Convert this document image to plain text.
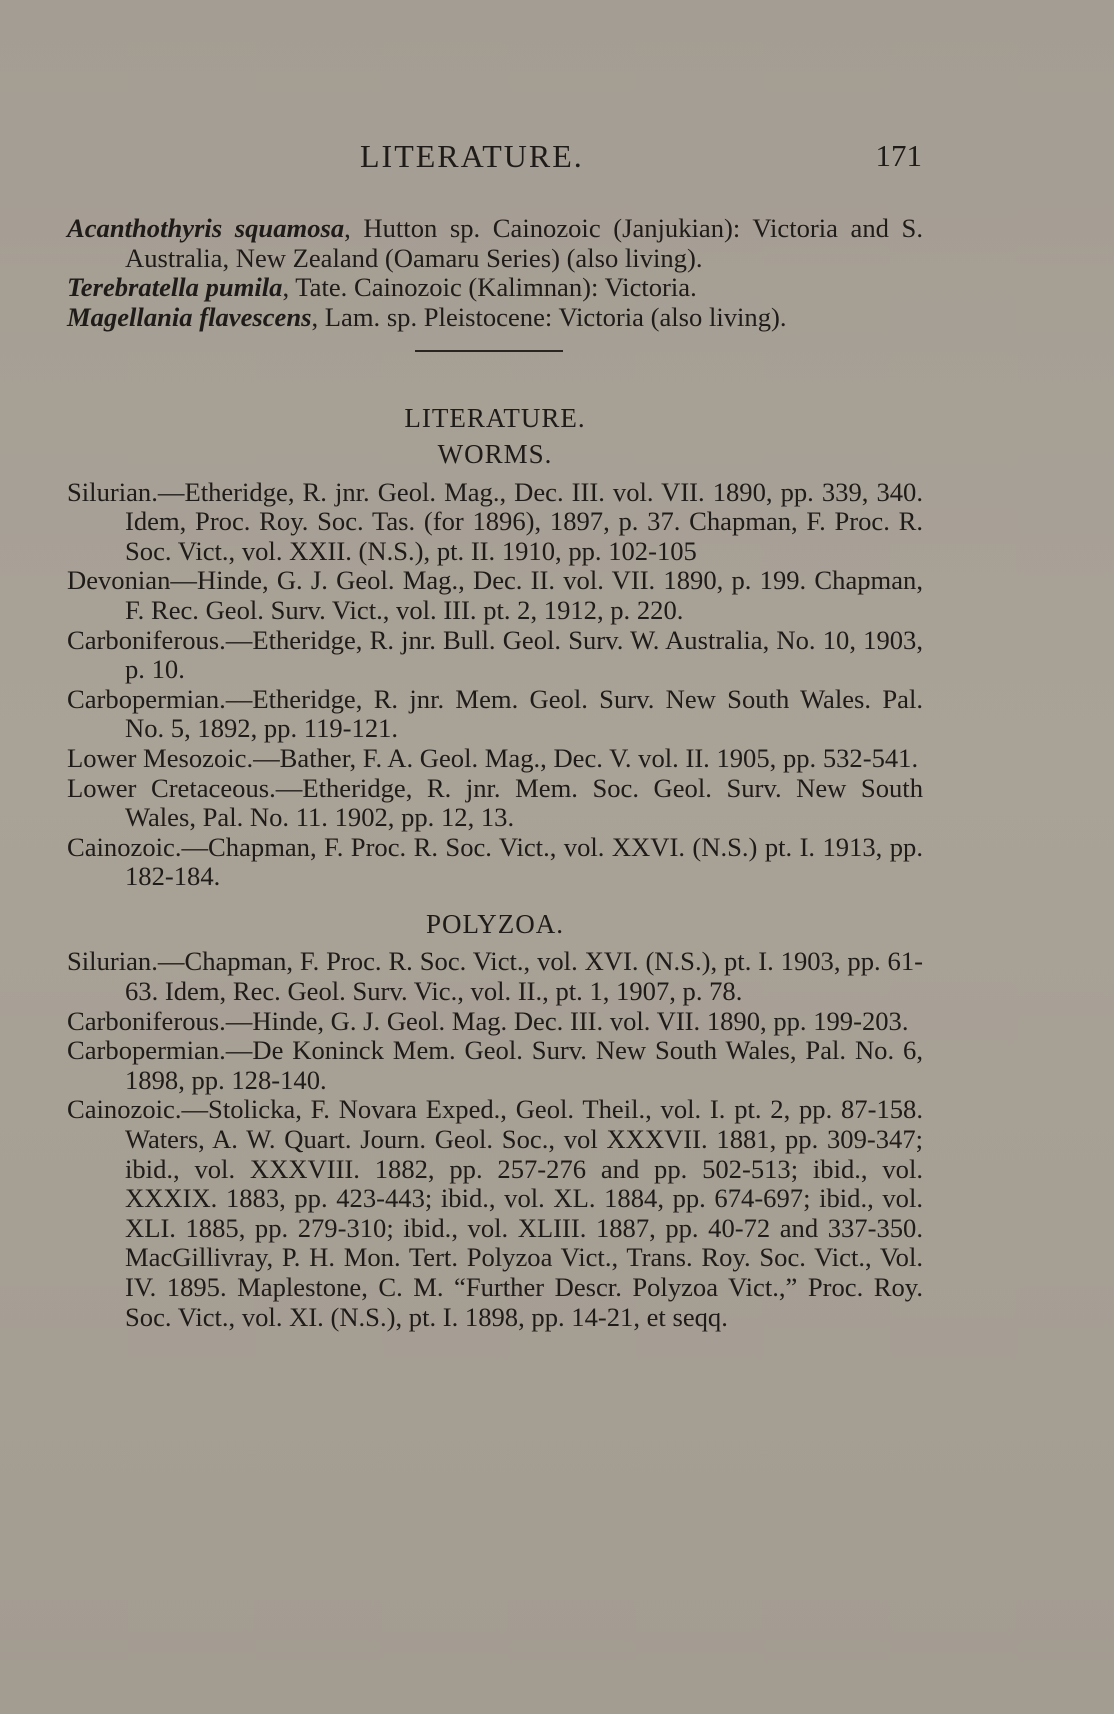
LITERATURE.	171

Acanthothyris squamosa, Hutton sp. Cainozoic (Janjukian): Victoria and S. Australia, New Zealand (Oamaru Series) (also living).

Terebratella pumila, Tate. Cainozoic (Kalimnan): Victoria.

Magellania flavescens, Lam. sp. Pleistocene: Victoria (also living).

LITERATURE.

WORMS.

Silurian.—Etheridge, R. jnr. Geol. Mag., Dec. III. vol. VII. 1890, pp. 339, 340. Idem, Proc. Roy. Soc. Tas. (for 1896), 1897, p. 37. Chapman, F. Proc. R. Soc. Vict., vol. XXII. (N.S.), pt. II. 1910, pp. 102-105

Devonian—Hinde, G. J. Geol. Mag., Dec. II. vol. VII. 1890, p. 199. Chapman, F. Rec. Geol. Surv. Vict., vol. III. pt. 2, 1912, p. 220.

Carboniferous.—Etheridge, R. jnr. Bull. Geol. Surv. W. Australia, No. 10, 1903, p. 10.

Carbopermian.—Etheridge, R. jnr. Mem. Geol. Surv. New South Wales. Pal. No. 5, 1892, pp. 119-121.

Lower Mesozoic.—Bather, F. A. Geol. Mag., Dec. V. vol. II. 1905, pp. 532-541.

Lower Cretaceous.—Etheridge, R. jnr. Mem. Soc. Geol. Surv. New South Wales, Pal. No. 11. 1902, pp. 12, 13.

Cainozoic.—Chapman, F. Proc. R. Soc. Vict., vol. XXVI. (N.S.) pt. I. 1913, pp. 182-184.

POLYZOA.

Silurian.—Chapman, F. Proc. R. Soc. Vict., vol. XVI. (N.S.), pt. I. 1903, pp. 61-63. Idem, Rec. Geol. Surv. Vic., vol. II., pt. 1, 1907, p. 78.

Carboniferous.—Hinde, G. J. Geol. Mag. Dec. III. vol. VII. 1890, pp. 199-203.

Carbopermian.—De Koninck Mem. Geol. Surv. New South Wales, Pal. No. 6, 1898, pp. 128-140.

Cainozoic.—Stolicka, F. Novara Exped., Geol. Theil., vol. I. pt. 2, pp. 87-158. Waters, A. W. Quart. Journ. Geol. Soc., vol XXXVII. 1881, pp. 309-347; ibid., vol. XXXVIII. 1882, pp. 257-276 and pp. 502-513; ibid., vol. XXXIX. 1883, pp. 423-443; ibid., vol. XL. 1884, pp. 674-697; ibid., vol. XLI. 1885, pp. 279-310; ibid., vol. XLIII. 1887, pp. 40-72 and 337-350. MacGillivray, P. H. Mon. Tert. Polyzoa Vict., Trans. Roy. Soc. Vict., Vol. IV. 1895. Maplestone, C. M. “Further Descr. Polyzoa Vict.,” Proc. Roy. Soc. Vict., vol. XI. (N.S.), pt. I. 1898, pp. 14-21, et seqq.
